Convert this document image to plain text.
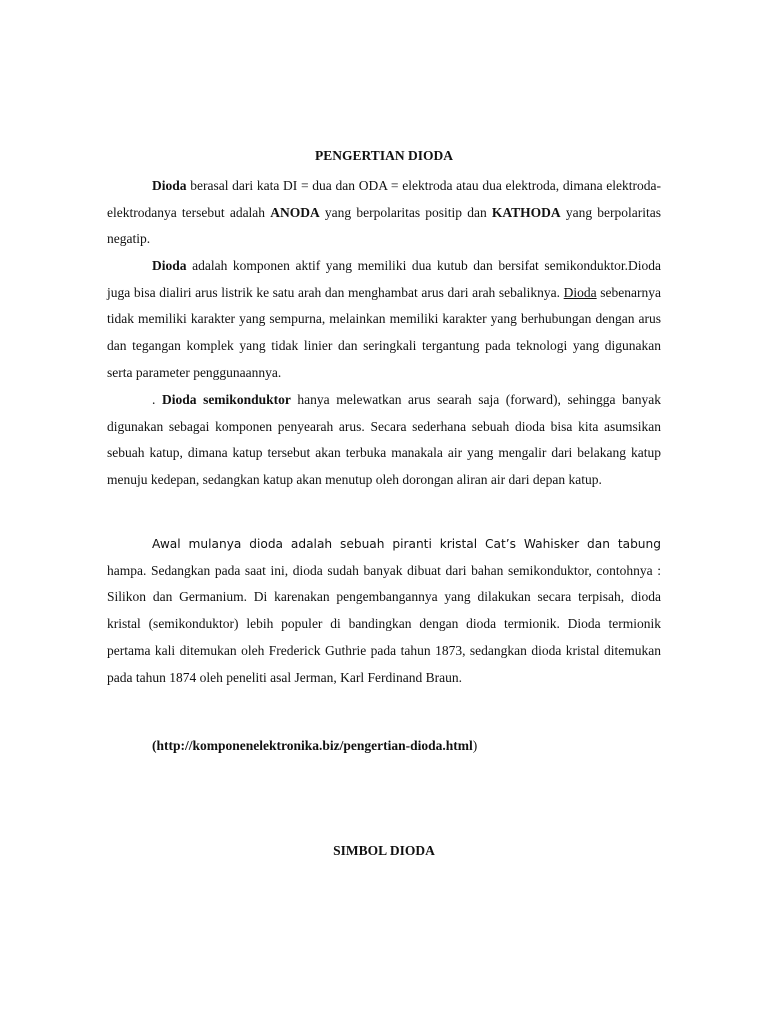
PENGERTIAN DIODA

Dioda berasal dari kata DI = dua dan ODA = elektroda atau dua elektroda, dimana elektroda-elektrodanya tersebut adalah ANODA yang berpolaritas positip dan KATHODA yang berpolaritas negatip.

Dioda adalah komponen aktif yang memiliki dua kutub dan bersifat semikonduktor.Dioda juga bisa dialiri arus listrik ke satu arah dan menghambat arus dari arah sebaliknya. Dioda sebenarnya tidak memiliki karakter yang sempurna, melainkan memiliki karakter yang berhubungan dengan arus dan tegangan komplek yang tidak linier dan seringkali tergantung pada teknologi yang digunakan serta parameter penggunaannya.

. Dioda semikonduktor hanya melewatkan arus searah saja (forward), sehingga banyak digunakan sebagai komponen penyearah arus. Secara sederhana sebuah dioda bisa kita asumsikan sebuah katup, dimana katup tersebut akan terbuka manakala air yang mengalir dari belakang katup menuju kedepan, sedangkan katup akan menutup oleh dorongan aliran air dari depan katup.

Awal mulanya dioda adalah sebuah piranti kristal Cat’s Wahisker dan tabung hampa. Sedangkan pada saat ini, dioda sudah banyak dibuat dari bahan semikonduktor, contohnya : Silikon dan Germanium. Di karenakan pengembangannya yang dilakukan secara terpisah, dioda kristal (semikonduktor) lebih populer di bandingkan dengan dioda termionik. Dioda termionik pertama kali ditemukan oleh Frederick Guthrie pada tahun 1873, sedangkan dioda kristal ditemukan pada tahun 1874 oleh peneliti asal Jerman, Karl Ferdinand Braun.

(http://komponenelektronika.biz/pengertian-dioda.html)

SIMBOL DIODA
